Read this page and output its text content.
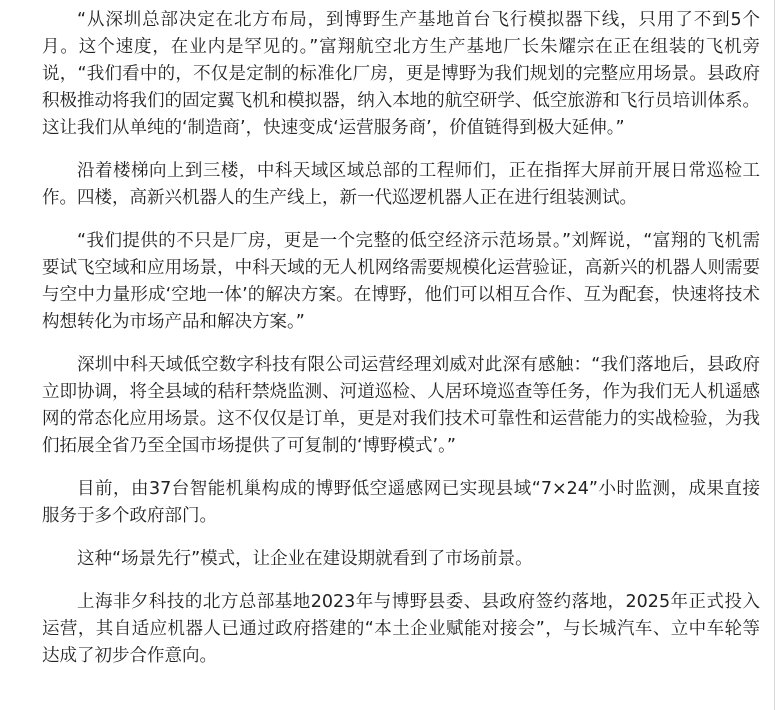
“从深圳总部决定在北方布局，到博野生产基地首台飞行模拟器下线，只用了不到5个月。这个速度，在业内是罕见的。”富翔航空北方生产基地厂长朱耀宗在正在组装的飞机旁说，“我们看中的，不仅是定制的标准化厂房，更是博野为我们规划的完整应用场景。县政府积极推动将我们的固定翼飞机和模拟器，纳入本地的航空研学、低空旅游和飞行员培训体系。这让我们从单纯的‘制造商’，快速变成‘运营服务商’，价值链得到极大延伸。”

沿着楼梯向上到三楼，中科天域区域总部的工程师们，正在指挥大屏前开展日常巡检工作。四楼，高新兴机器人的生产线上，新一代巡逻机器人正在进行组装测试。

“我们提供的不只是厂房，更是一个完整的低空经济示范场景。”刘辉说，“富翔的飞机需要试飞空域和应用场景，中科天域的无人机网络需要规模化运营验证，高新兴的机器人则需要与空中力量形成‘空地一体’的解决方案。在博野，他们可以相互合作、互为配套，快速将技术构想转化为市场产品和解决方案。”

深圳中科天域低空数字科技有限公司运营经理刘威对此深有感触：“我们落地后，县政府立即协调，将全县域的秸秆禁烧监测、河道巡检、人居环境巡查等任务，作为我们无人机遥感网的常态化应用场景。这不仅仅是订单，更是对我们技术可靠性和运营能力的实战检验，为我们拓展全省乃至全国市场提供了可复制的‘博野模式’。”

目前，由37台智能机巢构成的博野低空遥感网已实现县域“7×24”小时监测，成果直接服务于多个政府部门。

这种“场景先行”模式，让企业在建设期就看到了市场前景。

上海非夕科技的北方总部基地2023年与博野县委、县政府签约落地，2025年正式投入运营，其自适应机器人已通过政府搭建的“本土企业赋能对接会”，与长城汽车、立中车轮等达成了初步合作意向。
